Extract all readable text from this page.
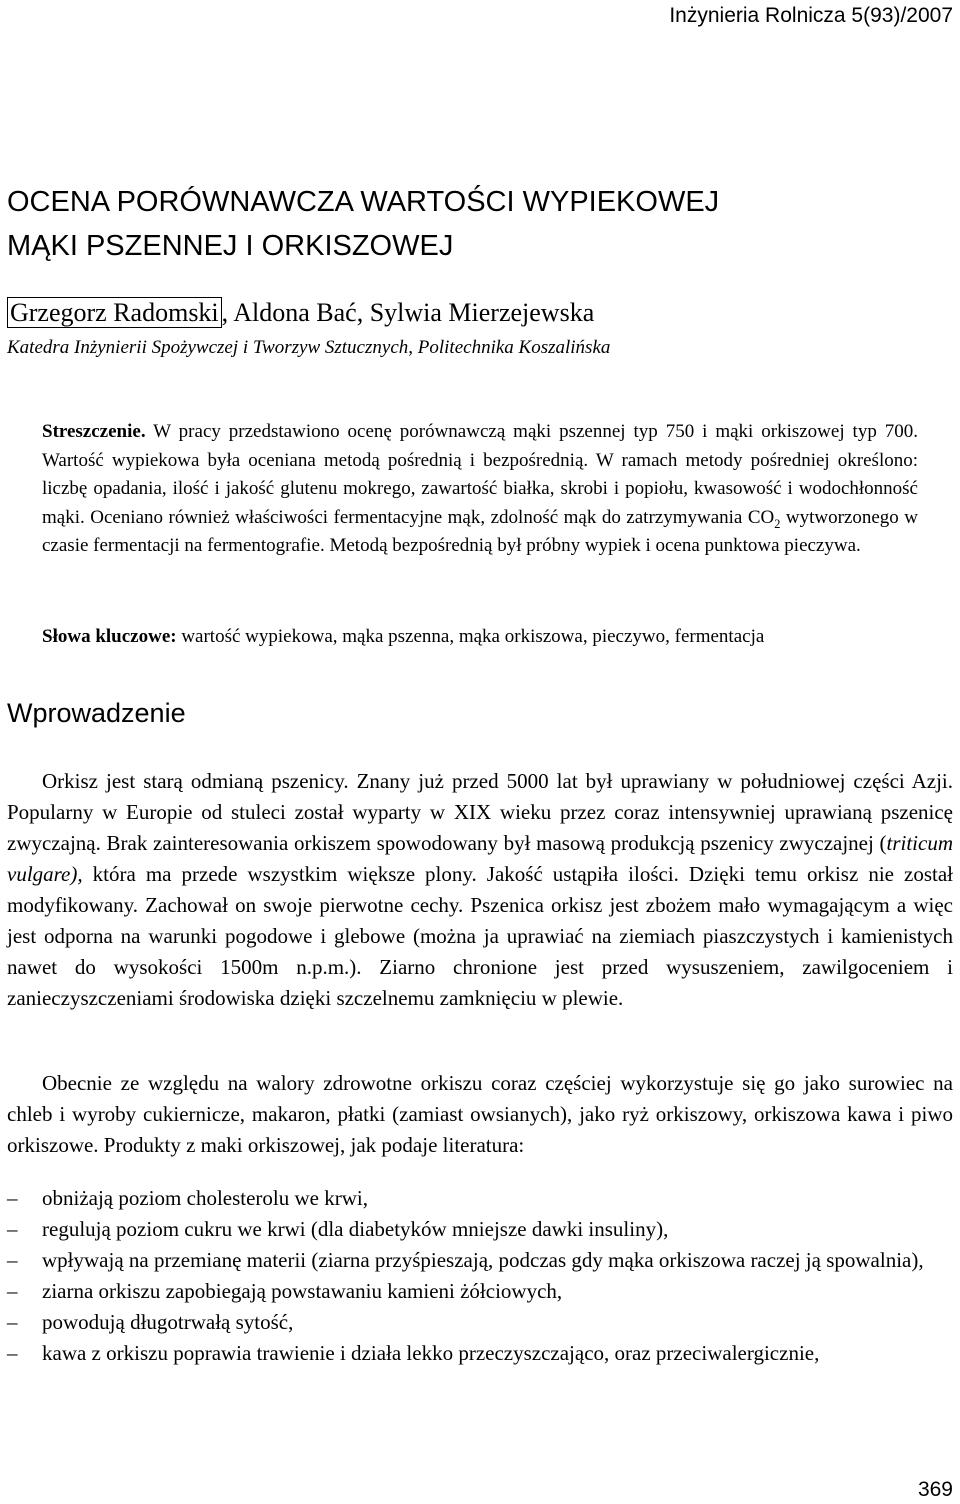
Inżynieria Rolnicza 5(93)/2007
OCENA PORÓWNAWCZA WARTOŚCI WYPIEKOWEJ
MĄKI PSZENNEJ I ORKISZOWEJ
Grzegorz Radomski , Aldona Bać, Sylwia Mierzejewska
Katedra Inżynierii Spożywczej i Tworzyw Sztucznych, Politechnika Koszalińska

Streszczenie. W pracy przedstawiono ocenę porównawczą mąki pszennej typ 750 i mąki orkiszowej typ 700. Wartość wypiekowa była oceniana metodą pośrednią i bezpośrednią. W ramach metody pośredniej określono: liczbę opadania, ilość i jakość glutenu mokrego, zawartość białka, skrobi i popiołu, kwasowość i wodochłonność mąki. Oceniano również właściwości fermentacyjne mąk, zdolność mąk do zatrzymywania $CO_2$ wytworzonego w czasie fermentacji na fermentografie. Metodą bezpośrednią był próbny wypiek i ocena punktowa pieczywa.

Słowa kluczowe: wartość wypiekowa, mąka pszenna, mąka orkiszowa, pieczywo, fermentacja
Wprowadzenie

Orkisz jest starą odmianą pszenicy. Znany już przed 5000 lat był uprawiany w południowej części Azji. Popularny w Europie od stuleci został wyparty w XIX wieku przez coraz intensywniej uprawianą pszenicę zwyczajną. Brak zainteresowania orkiszem spowodowany był masową produkcją pszenicy zwyczajnej (triticum vulgare), która ma przede wszystkim większe plony. Jakość ustąpiła ilości. Dzięki temu orkisz nie został modyfikowany. Zachował on swoje pierwotne cechy. Pszenica orkisz jest zbożem mało wymagającym a więc jest odporna na warunki pogodowe i glebowe (można ja uprawiać na ziemiach piaszczystych i kamienistych nawet do wysokości 1500m n.p.m.). Ziarno chronione jest przed wysuszeniem, zawilgoceniem i zanieczyszczeniami środowiska dzięki szczelnemu zamknięciu w plewie.

Obecnie ze względu na walory zdrowotne orkiszu coraz częściej wykorzystuje się go jako surowiec na chleb i wyroby cukiernicze, makaron, płatki (zamiast owsianych), jako ryż orkiszowy, orkiszowa kawa i piwo orkiszowe. Produkty z maki orkiszowej, jak podaje literatura:

– obniżają poziom cholesterolu we krwi,
– regulują poziom cukru we krwi (dla diabetyków mniejsze dawki insuliny),
– wpływają na przemianę materii (ziarna przyśpieszają, podczas gdy mąka orkiszowa raczej ją spowalnia),
– ziarna orkiszu zapobiegają powstawaniu kamieni żółciowych,
– powodują długotrwałą sytość,
– kawa z orkiszu poprawia trawienie i działa lekko przeczyszczająco, oraz przeciwalergicznie,
369
